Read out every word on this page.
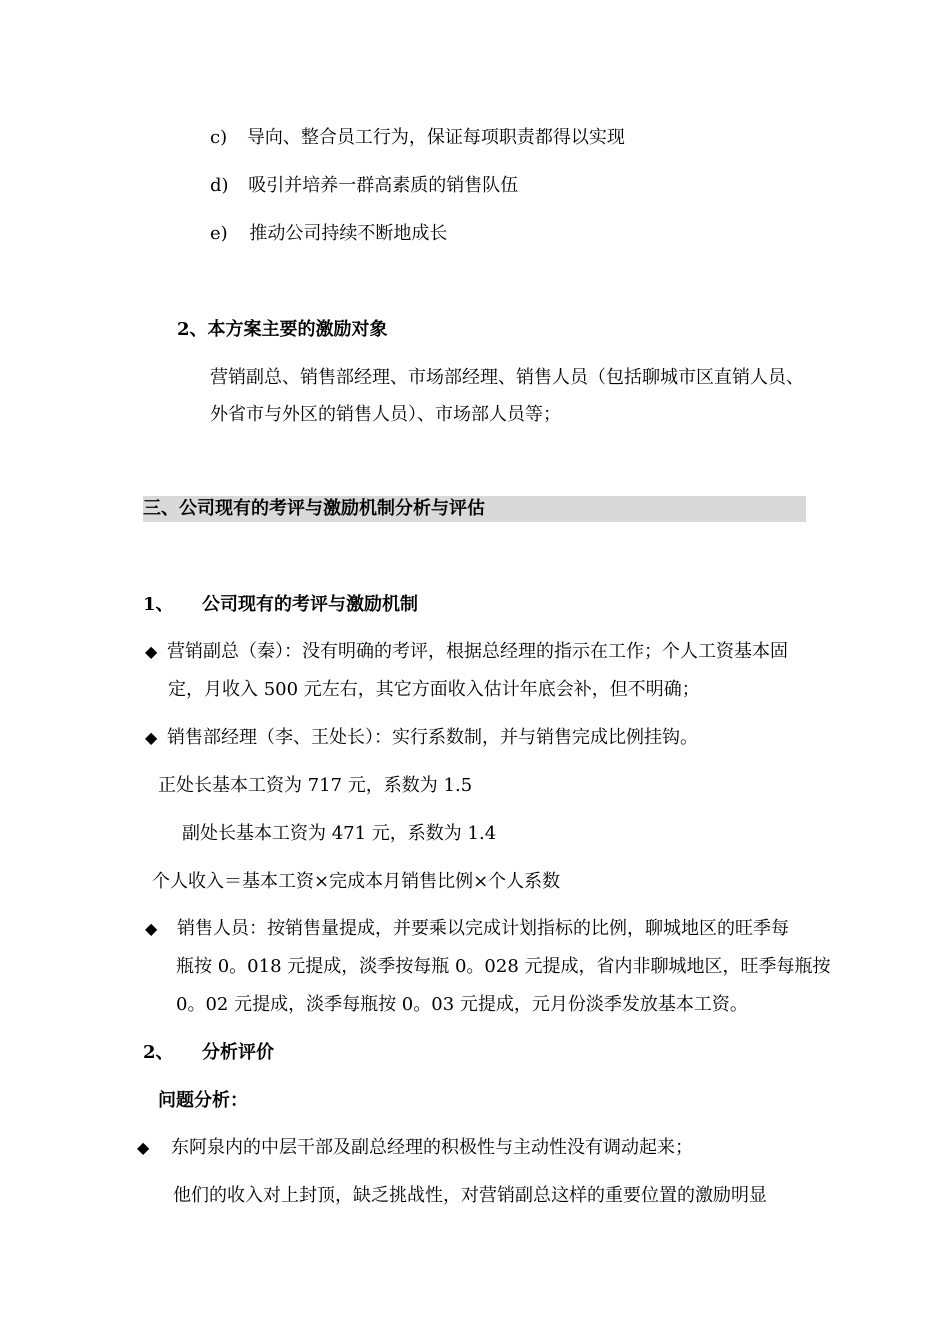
c) 导向、整合员工行为，保证每项职责都得以实现
d) 吸引并培养一群高素质的销售队伍
e) 推动公司持续不断地成长
2、本方案主要的激励对象
营销副总、销售部经理、市场部经理、销售人员（包括聊城市区直销人员、
外省市与外区的销售人员）、市场部人员等；
三、公司现有的考评与激励机制分析与评估
1、 公司现有的考评与激励机制
◆ 营销副总（秦）：没有明确的考评，根据总经理的指示在工作；个人工资基本固
定，月收入 500 元左右，其它方面收入估计年底会补，但不明确；
◆ 销售部经理（李、王处长）：实行系数制，并与销售完成比例挂钩。
正处长基本工资为 717 元，系数为 1.5
副处长基本工资为 471 元，系数为 1.4
个人收入＝基本工资×完成本月销售比例×个人系数
◆ 销售人员：按销售量提成，并要乘以完成计划指标的比例，聊城地区的旺季每
瓶按 0。018 元提成，淡季按每瓶 0。028 元提成，省内非聊城地区，旺季每瓶按
0。02 元提成，淡季每瓶按 0。03 元提成，元月份淡季发放基本工资。
2、 分析评价
问题分析：
◆ 东阿泉内的中层干部及副总经理的积极性与主动性没有调动起来；
他们的收入对上封顶，缺乏挑战性，对营销副总这样的重要位置的激励明显
